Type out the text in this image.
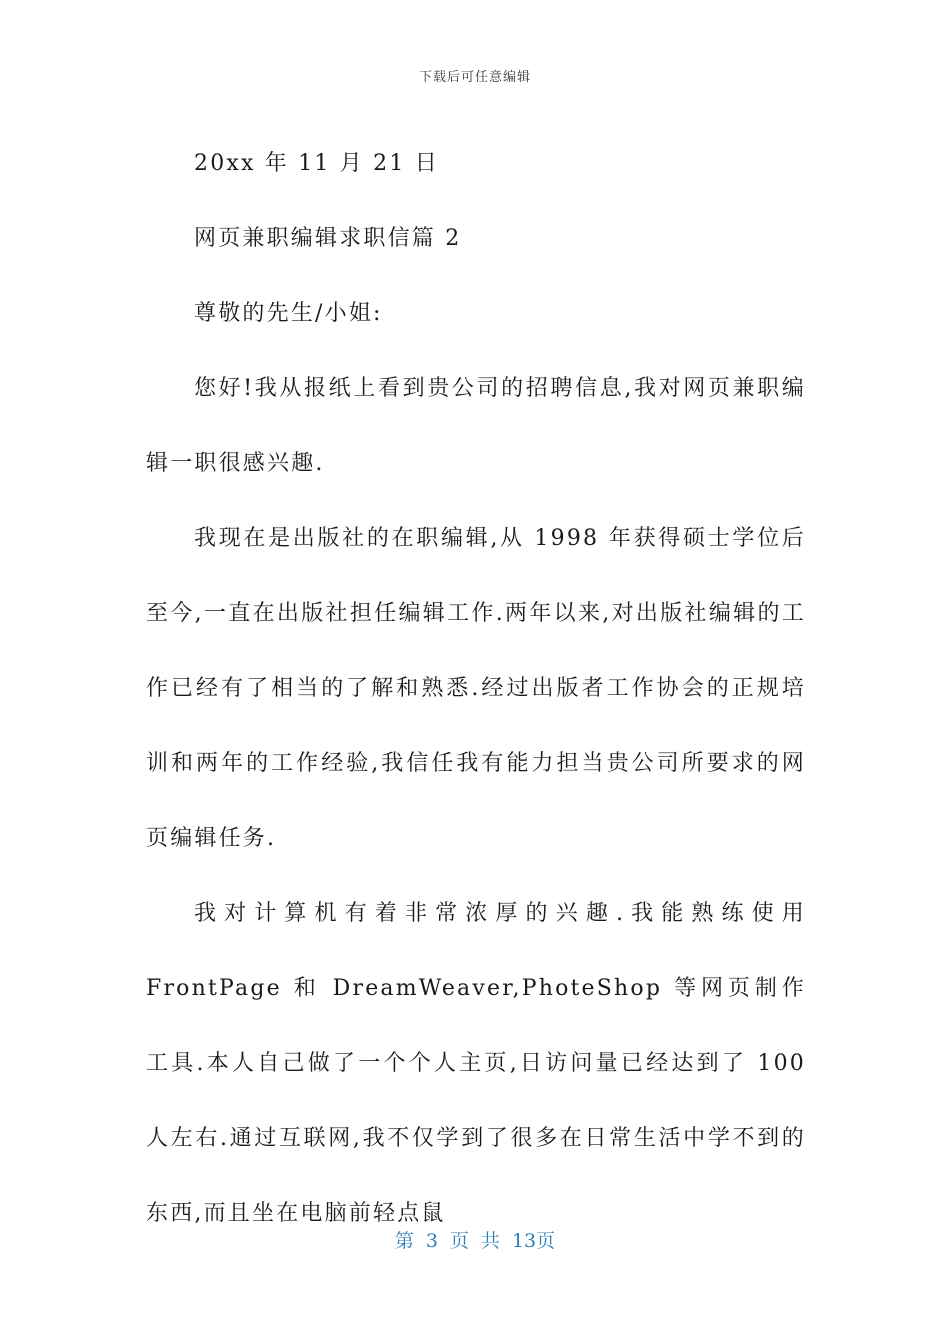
下载后可任意编辑

20xx 年 11 月 21 日

网页兼职编辑求职信篇 2

尊敬的先生/小姐:

您好!我从报纸上看到贵公司的招聘信息,我对网页兼职编辑一职很感兴趣.

我现在是出版社的在职编辑,从 1998 年获得硕士学位后至今,一直在出版社担任编辑工作.两年以来,对出版社编辑的工作已经有了相当的了解和熟悉.经过出版者工作协会的正规培训和两年的工作经验,我信任我有能力担当贵公司所要求的网页编辑任务.

我对计算机有着非常浓厚的兴趣.我能熟练使用 FrontPage 和 DreamWeaver,PhoteShop 等网页制作工具.本人自己做了一个个人主页,日访问量已经达到了 100 人左右.通过互联网,我不仅学到了很多在日常生活中学不到的东西,而且坐在电脑前轻点鼠

第 3 页 共 13页
